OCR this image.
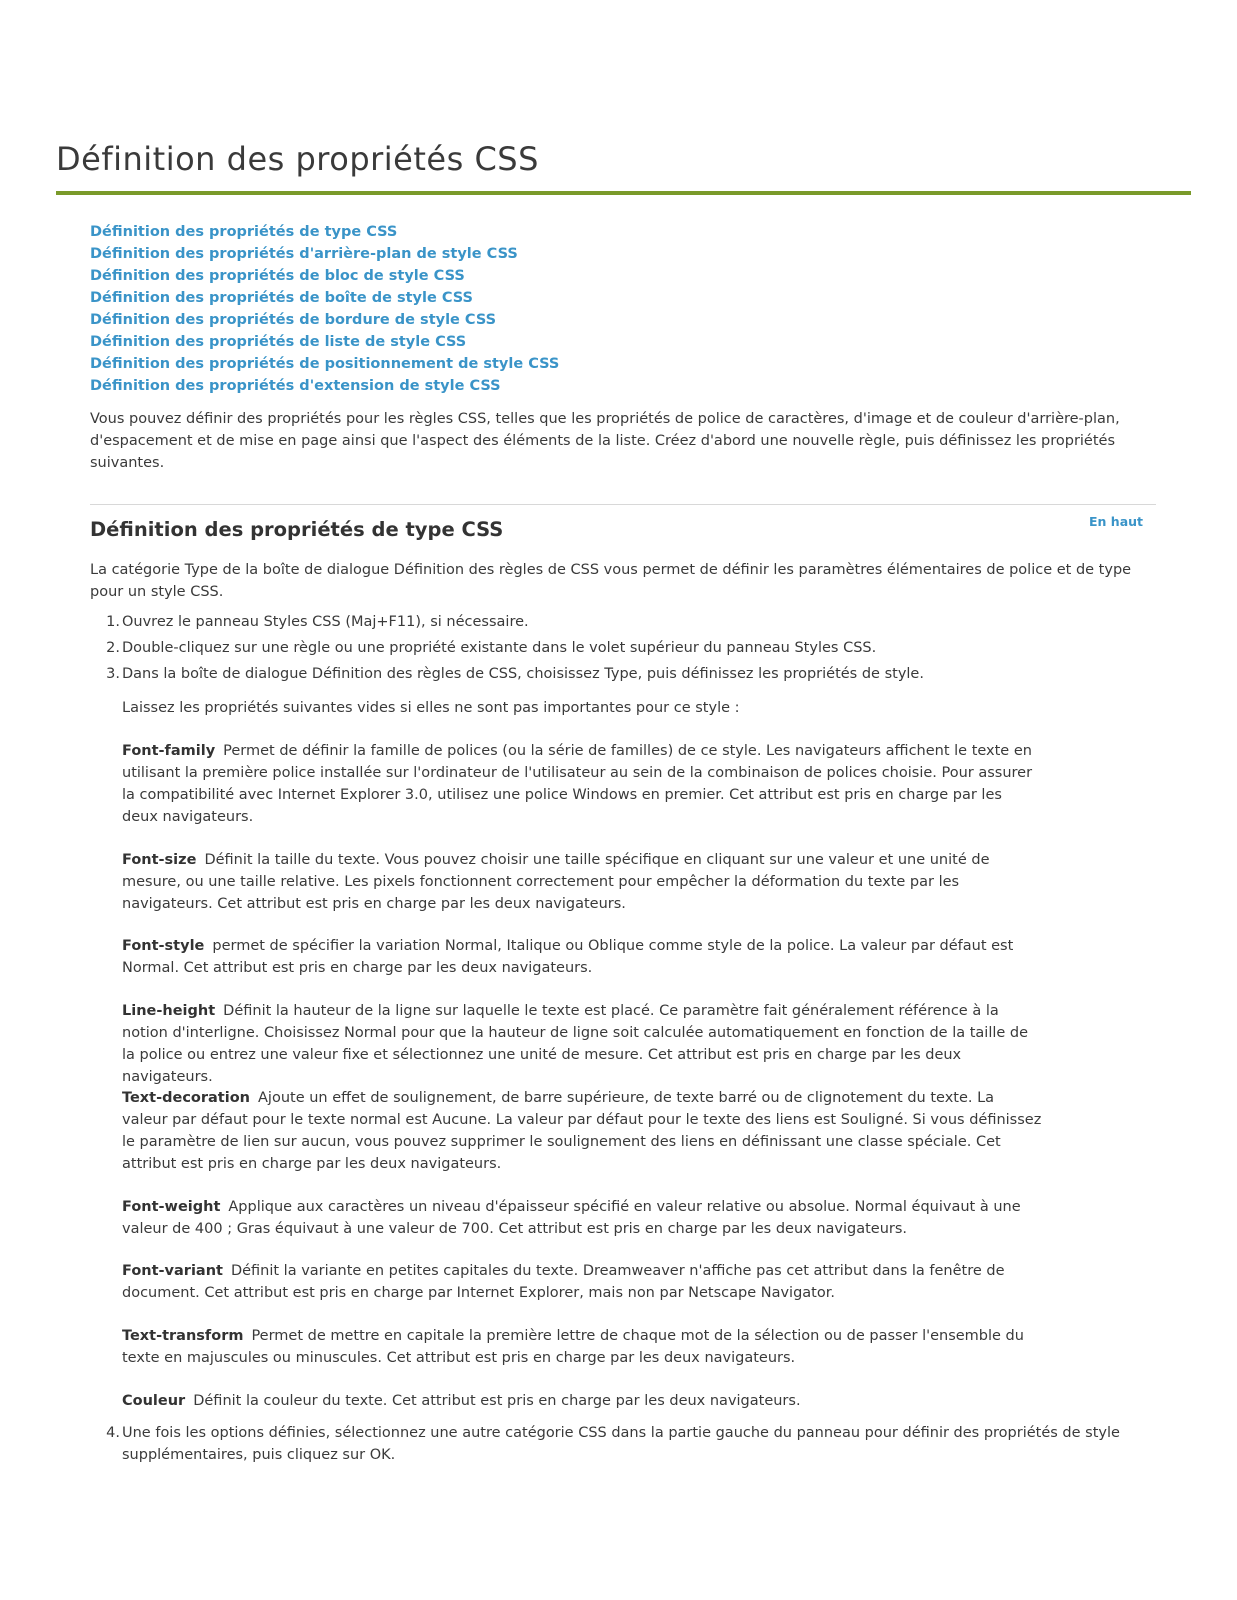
Définition des propriétés CSS
Définition des propriétés de type CSS
Définition des propriétés d'arrière-plan de style CSS
Définition des propriétés de bloc de style CSS
Définition des propriétés de boîte de style CSS
Définition des propriétés de bordure de style CSS
Définition des propriétés de liste de style CSS
Définition des propriétés de positionnement de style CSS
Définition des propriétés d'extension de style CSS

Vous pouvez définir des propriétés pour les règles CSS, telles que les propriétés de police de caractères, d'image et de couleur d'arrière-plan, d'espacement et de mise en page ainsi que l'aspect des éléments de la liste. Créez d'abord une nouvelle règle, puis définissez les propriétés suivantes.

En haut
Définition des propriétés de type CSS

La catégorie Type de la boîte de dialogue Définition des règles de CSS vous permet de définir les paramètres élémentaires de police et de type pour un style CSS.

1. Ouvrez le panneau Styles CSS (Maj+F11), si nécessaire.
2. Double-cliquez sur une règle ou une propriété existante dans le volet supérieur du panneau Styles CSS.
3. Dans la boîte de dialogue Définition des règles de CSS, choisissez Type, puis définissez les propriétés de style.

Laissez les propriétés suivantes vides si elles ne sont pas importantes pour ce style :

Font-family Permet de définir la famille de polices (ou la série de familles) de ce style. Les navigateurs affichent le texte en utilisant la première police installée sur l'ordinateur de l'utilisateur au sein de la combinaison de polices choisie. Pour assurer la compatibilité avec Internet Explorer 3.0, utilisez une police Windows en premier. Cet attribut est pris en charge par les deux navigateurs.

Font-size Définit la taille du texte. Vous pouvez choisir une taille spécifique en cliquant sur une valeur et une unité de mesure, ou une taille relative. Les pixels fonctionnent correctement pour empêcher la déformation du texte par les navigateurs. Cet attribut est pris en charge par les deux navigateurs.

Font-style permet de spécifier la variation Normal, Italique ou Oblique comme style de la police. La valeur par défaut est Normal. Cet attribut est pris en charge par les deux navigateurs.

Line-height Définit la hauteur de la ligne sur laquelle le texte est placé. Ce paramètre fait généralement référence à la notion d'interligne. Choisissez Normal pour que la hauteur de ligne soit calculée automatiquement en fonction de la taille de la police ou entrez une valeur fixe et sélectionnez une unité de mesure. Cet attribut est pris en charge par les deux navigateurs.

Text-decoration Ajoute un effet de soulignement, de barre supérieure, de texte barré ou de clignotement du texte. La valeur par défaut pour le texte normal est Aucune. La valeur par défaut pour le texte des liens est Souligné. Si vous définissez le paramètre de lien sur aucun, vous pouvez supprimer le soulignement des liens en définissant une classe spéciale. Cet attribut est pris en charge par les deux navigateurs.

Font-weight Applique aux caractères un niveau d'épaisseur spécifié en valeur relative ou absolue. Normal équivaut à une valeur de 400 ; Gras équivaut à une valeur de 700. Cet attribut est pris en charge par les deux navigateurs.

Font-variant Définit la variante en petites capitales du texte. Dreamweaver n'affiche pas cet attribut dans la fenêtre de document. Cet attribut est pris en charge par Internet Explorer, mais non par Netscape Navigator.

Text-transform Permet de mettre en capitale la première lettre de chaque mot de la sélection ou de passer l'ensemble du texte en majuscules ou minuscules. Cet attribut est pris en charge par les deux navigateurs.

Couleur Définit la couleur du texte. Cet attribut est pris en charge par les deux navigateurs.

4. Une fois les options définies, sélectionnez une autre catégorie CSS dans la partie gauche du panneau pour définir des propriétés de style supplémentaires, puis cliquez sur OK.
